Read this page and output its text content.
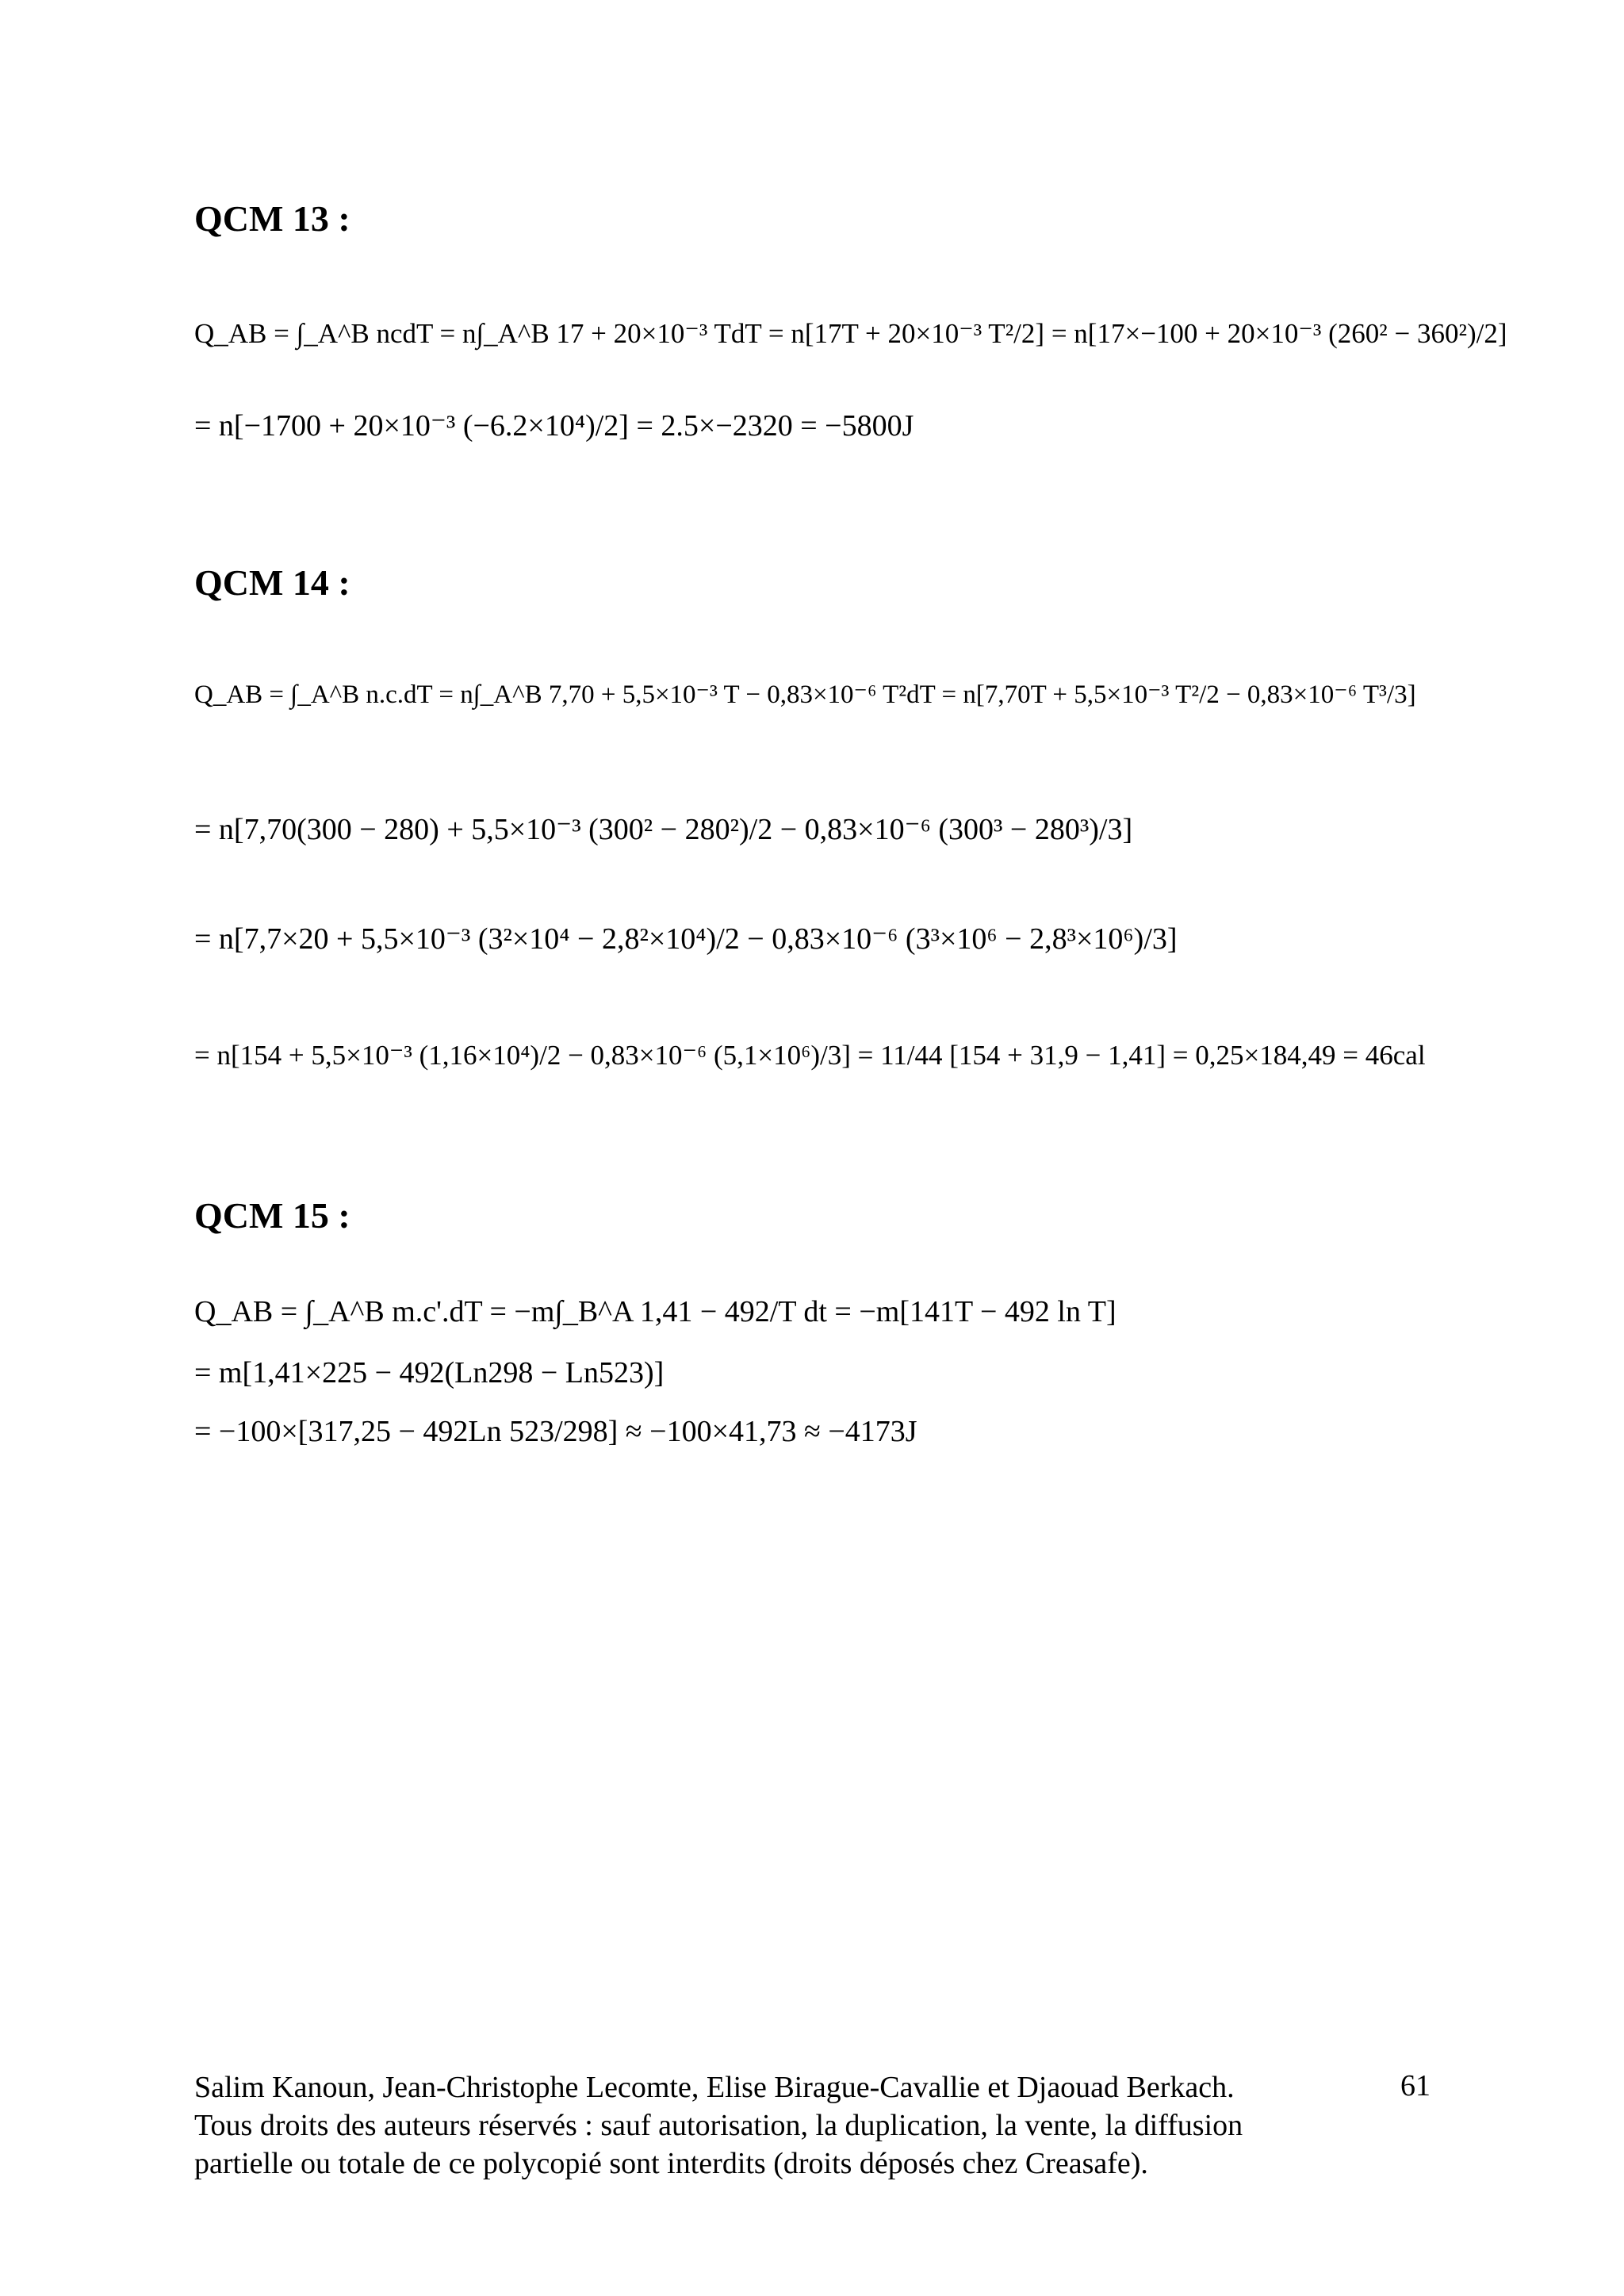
QCM 13 :
Q_AB = ∫_A^B ncdT = n∫_A^B 17 + 20×10⁻³ TdT = n[17T + 20×10⁻³ T²/2] = n[17×−100 + 20×10⁻³ (260² − 360²)/2]
= n[−1700 + 20×10⁻³ (−6.2×10⁴)/2] = 2.5×−2320 = −5800J
QCM 14 :
Q_AB = ∫_A^B n.c.dT = n∫_A^B 7,70 + 5,5×10⁻³ T − 0,83×10⁻⁶ T²dT = n[7,70T + 5,5×10⁻³ T²/2 − 0,83×10⁻⁶ T³/3]
= n[7,70(300 − 280) + 5,5×10⁻³ (300² − 280²)/2 − 0,83×10⁻⁶ (300³ − 280³)/3]
= n[7,7×20 + 5,5×10⁻³ (3²×10⁴ − 2,8²×10⁴)/2 − 0,83×10⁻⁶ (3³×10⁶ − 2,8³×10⁶)/3]
= n[154 + 5,5×10⁻³ (1,16×10⁴)/2 − 0,83×10⁻⁶ (5,1×10⁶)/3] = 11/44 [154 + 31,9 − 1,41] = 0,25×184,49 = 46cal
QCM 15 :
Q_AB = ∫_A^B m.c'.dT = −m∫_B^A 1,41 − 492/T dt = −m[141T − 492 ln T]
= m[1,41×225 − 492(Ln298 − Ln523)]
= −100×[317,25 − 492Ln 523/298] ≈ −100×41,73 ≈ −4173J
Salim Kanoun, Jean-Christophe Lecomte, Elise Birague-Cavallie et Djaouad Berkach.
Tous droits des auteurs réservés : sauf autorisation, la duplication, la vente, la diffusion
partielle ou totale de ce polycopié sont interdits (droits déposés chez Creasafe).
61
